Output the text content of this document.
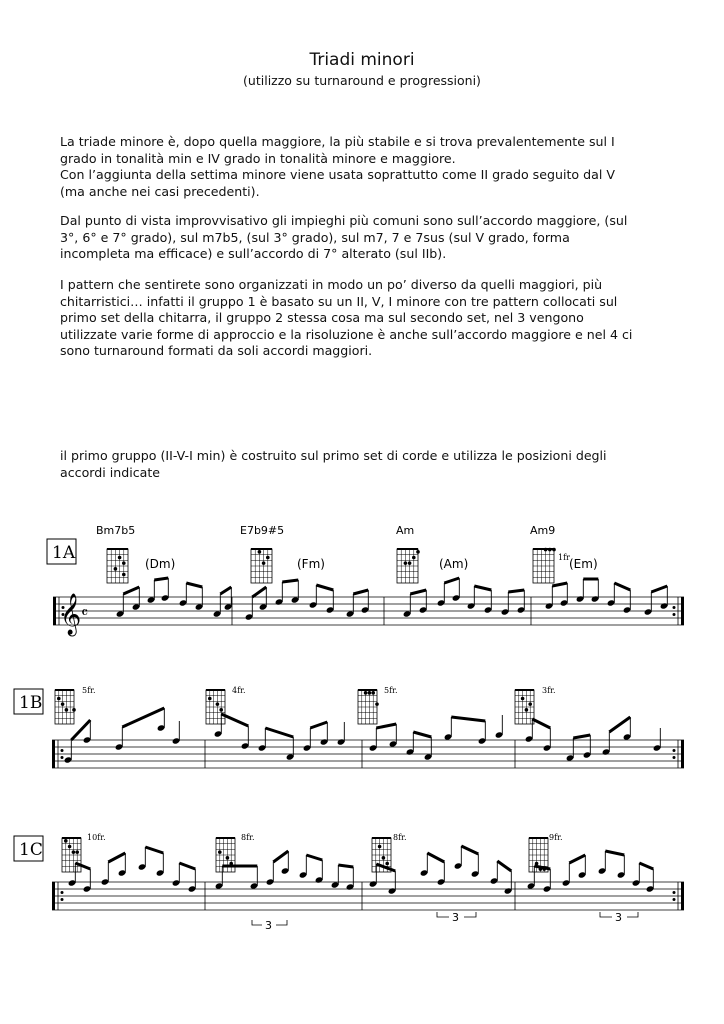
Triadi minori
(utilizzo su turnaround e progressioni)
La triade minore è, dopo quella maggiore, la più stabile e si trova prevalentemente sul I
grado in tonalità min e IV grado in tonalità minore e maggiore.
Con l’aggiunta della settima minore viene usata soprattutto come II grado seguito dal V
(ma anche nei casi precedenti).
Dal punto di vista improvvisativo gli impieghi più comuni sono sull’accordo maggiore, (sul
3°, 6° e 7° grado), sul m7b5, (sul 3° grado), sul m7, 7 e 7sus (sul V grado, forma
incompleta ma efficace) e sull’accordo di 7° alterato (sul IIb).
I pattern che sentirete sono organizzati in modo un po’ diverso da quelli maggiori, più
chitarristici… infatti il gruppo 1 è basato su un II, V, I minore con tre pattern collocati sul
primo set della chitarra, il gruppo 2 stessa cosa ma sul secondo set, nel 3 vengono
utilizzate varie forme di approccio e la risoluzione è anche sull’accordo maggiore e nel 4 ci
sono turnaround formati da soli accordi maggiori.
il primo gruppo (II-V-I min) è costruito sul primo set di corde e utilizza le posizioni degli
accordi indicate
1A
Bm7b5	E7b9#5	Am	Am9
(Dm)	(Fm)	(Am)	(Em)
1fr
1B
5fr.	4fr.	5fr.	3fr.
1C
10fr.	8fr.	8fr.	9fr.
3
3	3
𝄞 𝄴
